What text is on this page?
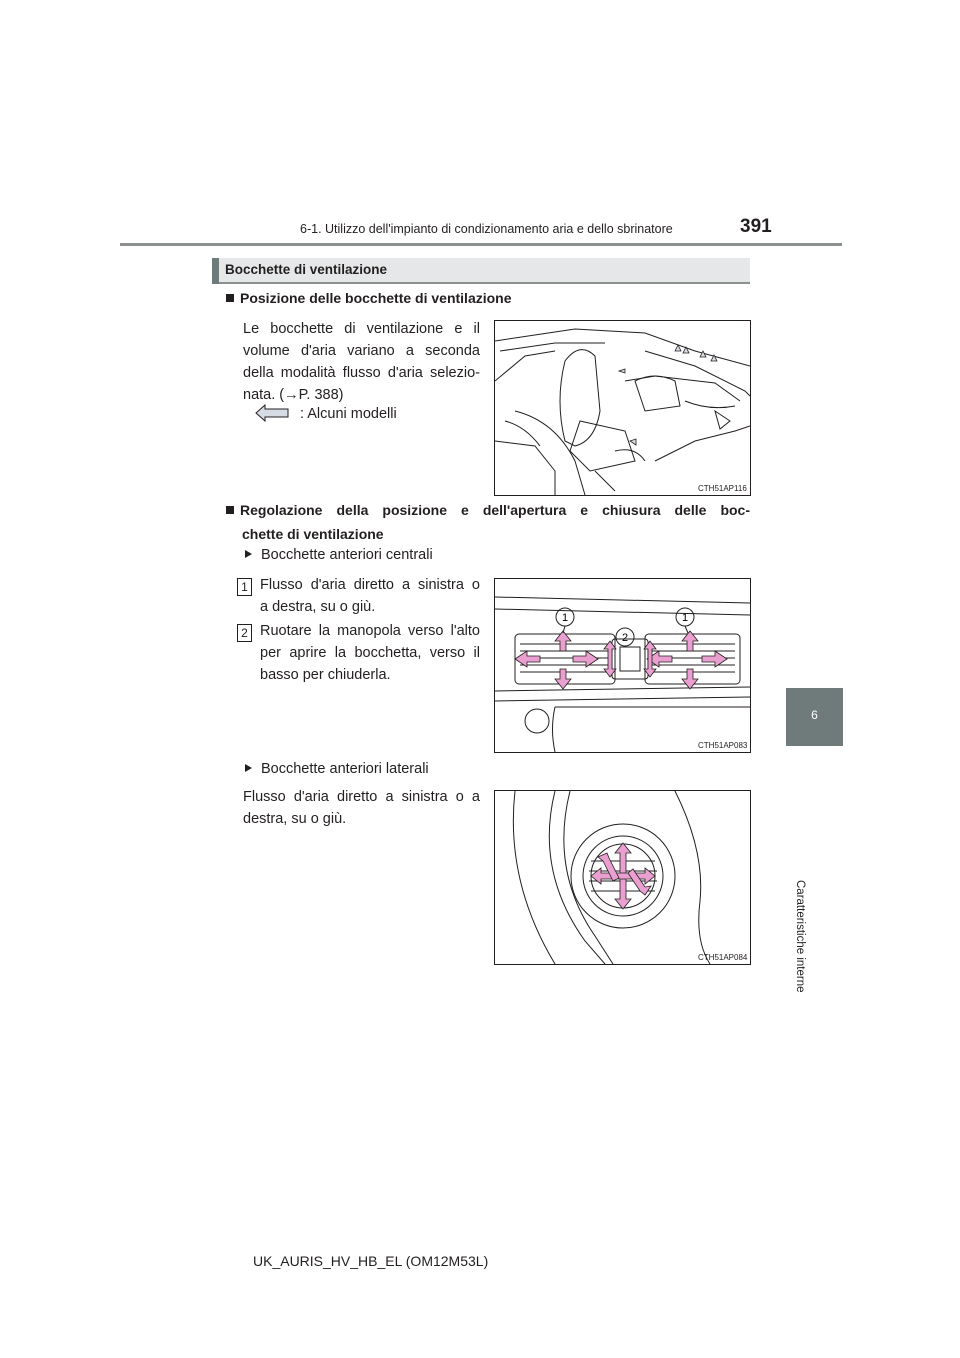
6-1. Utilizzo dell'impianto di condizionamento aria e dello sbrinatore	391
6
Caratteristiche interne
Bocchette di ventilazione
Posizione delle bocchette di ventilazione
Le bocchette di ventilazione e il
volume d'aria variano a seconda
della modalità flusso d'aria selezio-
nata. (→P. 388)
: Alcuni modelli
CTH51AP116
Regolazione della posizione e dell'apertura e chiusura delle boc-
chette di ventilazione
Bocchette anteriori centrali
1 Flusso d'aria diretto a sinistra o
a destra, su o giù.
2 Ruotare la manopola verso l'alto
per aprire la bocchetta, verso il
basso per chiuderla.
1	1
2
CTH51AP083
Bocchette anteriori laterali
Flusso d'aria diretto a sinistra o a
destra, su o giù.
CTH51AP084
UK_AURIS_HV_HB_EL (OM12M53L)
